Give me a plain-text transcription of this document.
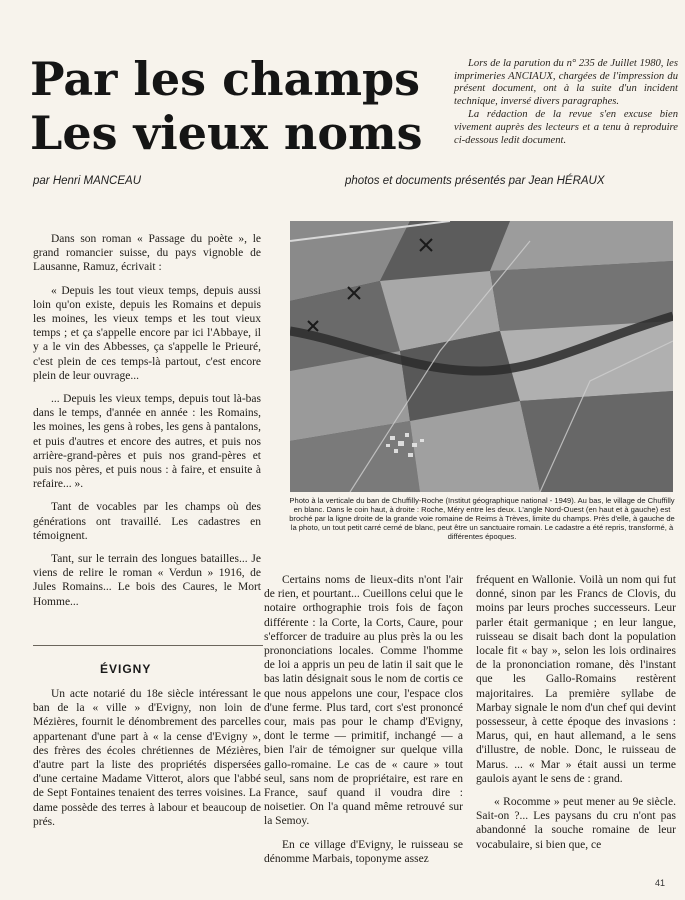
Par les champs
Les vieux noms

Lors de la parution du n° 235 de Juillet 1980, les imprimeries ANCIAUX, chargées de l'impression du présent document, ont à la suite d'un incident technique, inversé divers paragraphes.

La rédaction de la revue s'en excuse bien vivement auprès des lecteurs et a tenu à reproduire ci-dessous ledit document.

par Henri MANCEAU	photos et documents présentés par Jean HÉRAUX

Dans son roman « Passage du poète », le grand romancier suisse, du pays vignoble de Lausanne, Ramuz, écrivait :

« Depuis les tout vieux temps, depuis aussi loin qu'on existe, depuis les Romains et depuis les moines, les vieux temps et les tout vieux temps ; et ça s'appelle encore par ici l'Abbaye, il y a le vin des Abbesses, ça s'appelle le Prieuré, c'est plein de ces temps-là partout, c'est encore plein de leur ouvrage...

... Depuis les vieux temps, depuis tout là-bas dans le temps, d'année en année : les Romains, les moines, les gens à robes, les gens à pantalons, et puis d'autres et encore des autres, et puis nos arrière-grand-pères et puis nos grand-pères et puis nos pères, et puis nous : à faire, et ensuite à refaire... ».

Tant de vocables par les champs où des générations ont travaillé. Les cadastres en témoignent.

Tant, sur le terrain des longues batailles... Je viens de relire le roman « Verdun » 1916, de Jules Romains... Le bois des Caures, le Mort Homme...

ÉVIGNY

Un acte notarié du 18e siècle intéressant le ban de la « ville » d'Evigny, non loin de Mézières, fournit le dénombrement des parcelles appartenant d'une part à « la cense d'Evigny », des frères des écoles chrétiennes de Mézières, d'autre part la liste des propriétés dispersées d'une certaine Madame Vitterot, alors que l'abbé de Sept Fontaines tenaient des terres voisines. La dame possède des terres à labour et beaucoup de prés.

Photo à la verticale du ban de Chuffilly-Roche (Institut géographique national - 1949). Au bas, le village de Chuffilly en blanc. Dans le coin haut, à droite : Roche, Méry entre les deux. L'angle Nord-Ouest (en haut et à gauche) est broché par la ligne droite de la grande voie romaine de Reims à Trèves, limite du champs. Près d'elle, à gauche de la photo, un tout petit carré cerné de blanc, peut être un sanctuaire romain. Le cadastre a été repris, transformé, à différentes époques.

Certains noms de lieux-dits n'ont l'air de rien, et pourtant... Cueillons celui que le notaire orthographie trois fois de façon différente : la Corte, la Corts, Caure, pour s'efforcer de traduire au plus près la ou les prononciations locales. Comme l'homme de loi a appris un peu de latin il sait que le bas latin désignait sous le nom de cortis ce que nous appelons une cour, l'espace clos d'une ferme. Plus tard, cort s'est prononcé cour, mais pas pour le champ d'Evigny, dont le terme — primitif, inchangé — a bien l'air de témoigner sur quelque villa gallo-romaine. Le cas de « caure » tout seul, sans nom de propriétaire, est rare en France, sauf quand il voudra dire : noisetier. On l'a quand même retrouvé sur la Semoy.

En ce village d'Evigny, le ruisseau se dénomme Marbais, toponyme assez

fréquent en Wallonie. Voilà un nom qui fut donné, sinon par les Francs de Clovis, du moins par leurs proches successeurs. Leur parler était germanique ; en leur langue, ruisseau se disait bach dont la population locale fit « bay », selon les lois ordinaires de la prononciation romane, dès l'instant que les Gallo-Romains restèrent majoritaires. La première syllabe de Marbay signale le nom d'un chef qui devint possesseur, à cette époque des invasions : Marus, qui, en haut allemand, a le sens d'illustre, de noble. Donc, le ruisseau de Marus. ... « Mar » était aussi un terme gaulois ayant le sens de : grand.

« Rocomme » peut mener au 9e siècle. Sait-on ?... Les paysans du cru n'ont pas abandonné la souche romaine de leur vocabulaire, si bien que, ce

41
